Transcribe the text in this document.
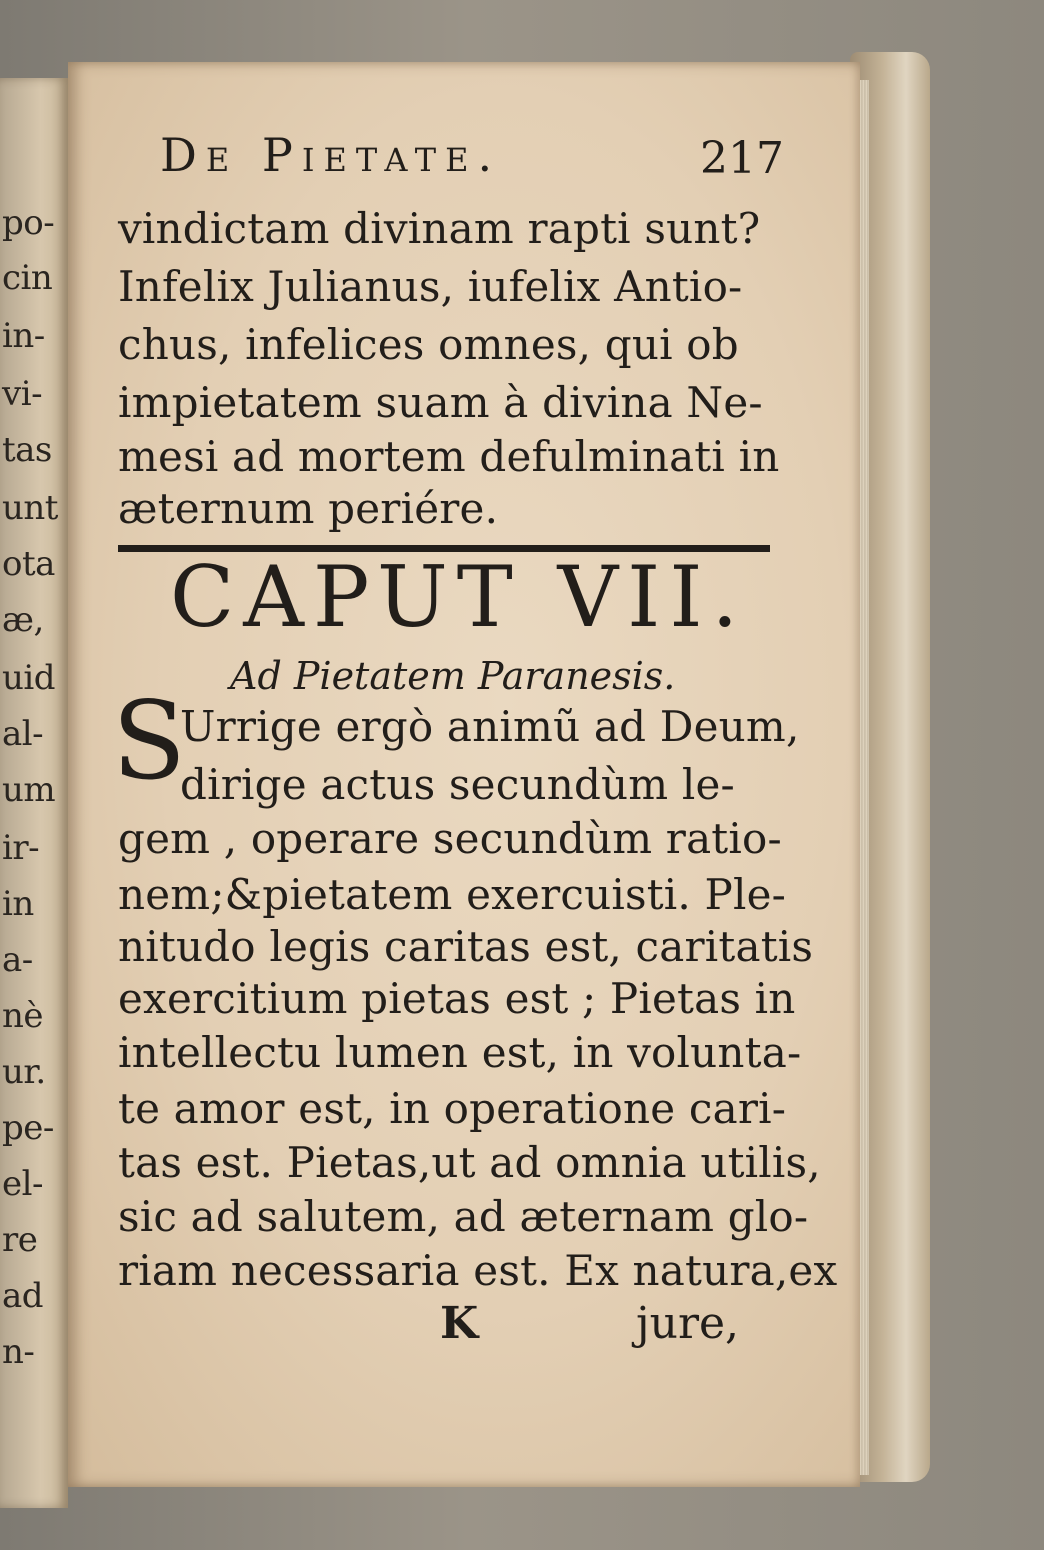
po-
cin
in-
vi-
tas
unt
ota
æ,
uid
al-
um
ir-
in
a-
nè
ur.
pe-
el-
re
ad
n-
De Pietate.	217
vindictam divinam rapti sunt?
Infelix Julianus, iufelix Antio-
chus, infelices omnes, qui ob
impietatem suam à divina Ne-
mesi ad mortem defulminati in
æternum periére.
CAPUT VII.
Ad Pietatem Paranesis.
S
Urrige ergò animũ ad Deum,
dirige actus secundùm le-
gem , operare secundùm ratio-
nem;&pietatem exercuisti. Ple-
nitudo legis caritas est, caritatis
exercitium pietas est ; Pietas in
intellectu lumen est, in volunta-
te amor est, in operatione cari-
tas est. Pietas,ut ad omnia utilis,
sic ad salutem, ad æternam glo-
riam necessaria est. Ex natura,ex
K	jure,
